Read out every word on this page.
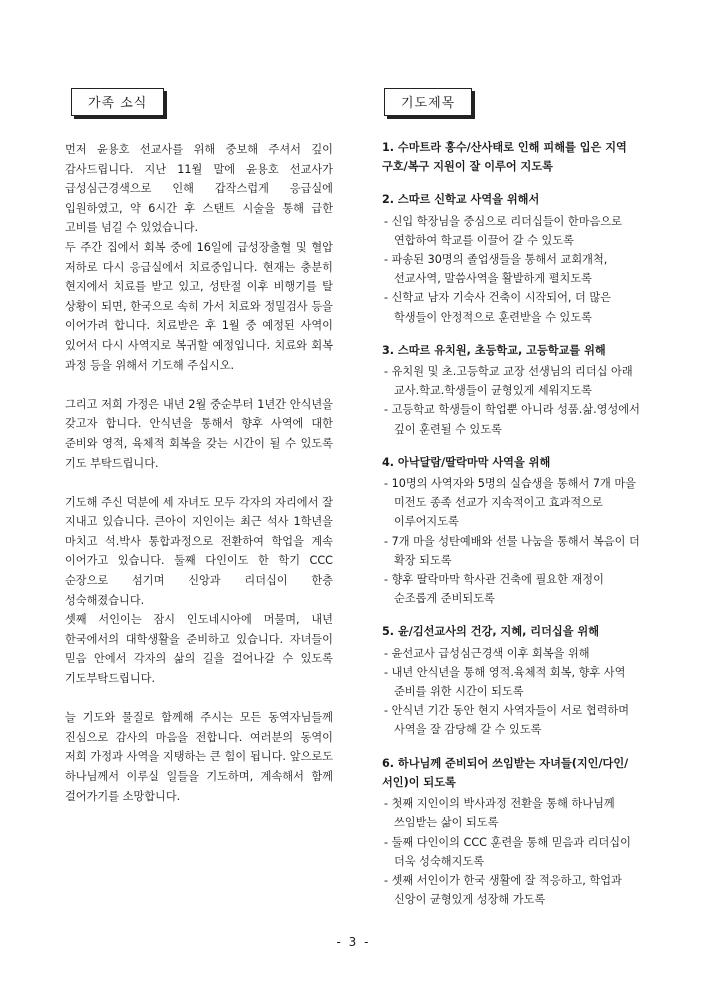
가족 소식

먼저 윤용호 선교사를 위해 중보해 주셔서 깊이 감사드립니다. 지난 11월 말에 윤용호 선교사가 급성심근경색으로 인해 갑작스럽게 응급실에 입원하였고, 약 6시간 후 스탠트 시술을 통해 급한 고비를 넘길 수 있었습니다.

두 주간 집에서 회복 중에 16일에 급성장출혈 및 혈압 저하로 다시 응급실에서 치료중입니다. 현재는 충분히 현지에서 치료를 받고 있고, 성탄절 이후 비행기를 탈 상황이 되면, 한국으로 속히 가서 치료와 정밀검사 등을 이어가려 합니다. 치료받은 후 1월 중 예정된 사역이 있어서 다시 사역지로 복귀할 예정입니다. 치료와 회복 과정 등을 위해서 기도해 주십시오.

그리고 저희 가정은 내년 2월 중순부터 1년간 안식년을 갖고자 합니다. 안식년을 통해서 향후 사역에 대한 준비와 영적, 육체적 회복을 갖는 시간이 될 수 있도록 기도 부탁드립니다.

기도해 주신 덕분에 세 자녀도 모두 각자의 자리에서 잘 지내고 있습니다. 큰아이 지인이는 최근 석사 1학년을 마치고 석.박사 통합과정으로 전환하여 학업을 계속 이어가고 있습니다. 둘째 다인이도 한 학기 CCC 순장으로 섬기며 신앙과 리더십이 한층 성숙해졌습니다.

셋째 서인이는 잠시 인도네시아에 머물며, 내년 한국에서의 대학생활을 준비하고 있습니다. 자녀들이 믿음 안에서 각자의 삶의 길을 걸어나갈 수 있도록 기도부탁드립니다.

늘 기도와 물질로 함께해 주시는 모든 동역자님들께 진심으로 감사의 마음을 전합니다. 여러분의 동역이 저희 가정과 사역을 지탱하는 큰 힘이 됩니다. 앞으로도 하나님께서 이루실 일들을 기도하며, 계속해서 함께 걸어가기를 소망합니다.

기도제목

1. 수마트라 홍수/산사태로 인해 피해를 입은 지역 구호/복구 지원이 잘 이루어 지도록

2. 스따르 신학교 사역을 위해서

- 신입 학장님을 중심으로 리더십들이 한마음으로 연합하여 학교를 이끌어 갈 수 있도록
- 파송된 30명의 졸업생들을 통해서 교회개척, 선교사역, 말씀사역을 활발하게 펼치도록
- 신학교 남자 기숙사 건축이 시작되어, 더 많은 학생들이 안정적으로 훈련받을 수 있도록

3. 스따르 유치원, 초등학교, 고등학교를 위해

- 유치원 및 초.고등학교 교장 선생님의 리더십 아래 교사.학교.학생들이 균형있게 세워지도록
- 고등학교 학생들이 학업뿐 아니라 성품.삶.영성에서 깊이 훈련될 수 있도록

4. 아낙달람/딸락마막 사역을 위해

- 10명의 사역자와 5명의 실습생을 통해서 7개 마을 미전도 종족 선교가 지속적이고 효과적으로 이루어지도록
- 7개 마을 성탄예배와 선물 나눔을 통해서 복음이 더 확장 되도록
- 향후 딸락마막 학사관 건축에 필요한 재정이 순조롭게 준비되도록

5. 윤/김선교사의 건강, 지혜, 리더십을 위해

- 윤선교사 급성심근경색 이후 회복을 위해
- 내년 안식년을 통해 영적.육체적 회복, 향후 사역 준비를 위한 시간이 되도록
- 안식년 기간 동안 현지 사역자들이 서로 협력하며 사역을 잘 감당해 갈 수 있도록

6. 하나님께 준비되어 쓰임받는 자녀들(지인/다인/서인)이 되도록

- 첫째 지인이의 박사과정 전환을 통해 하나님께 쓰임받는 삶이 되도록
- 둘째 다인이의 CCC 훈련을 통해 믿음과 리더십이 더욱 성숙해지도록
- 셋째 서인이가 한국 생활에 잘 적응하고, 학업과 신앙이 균형있게 성장해 가도록
- 3 -
